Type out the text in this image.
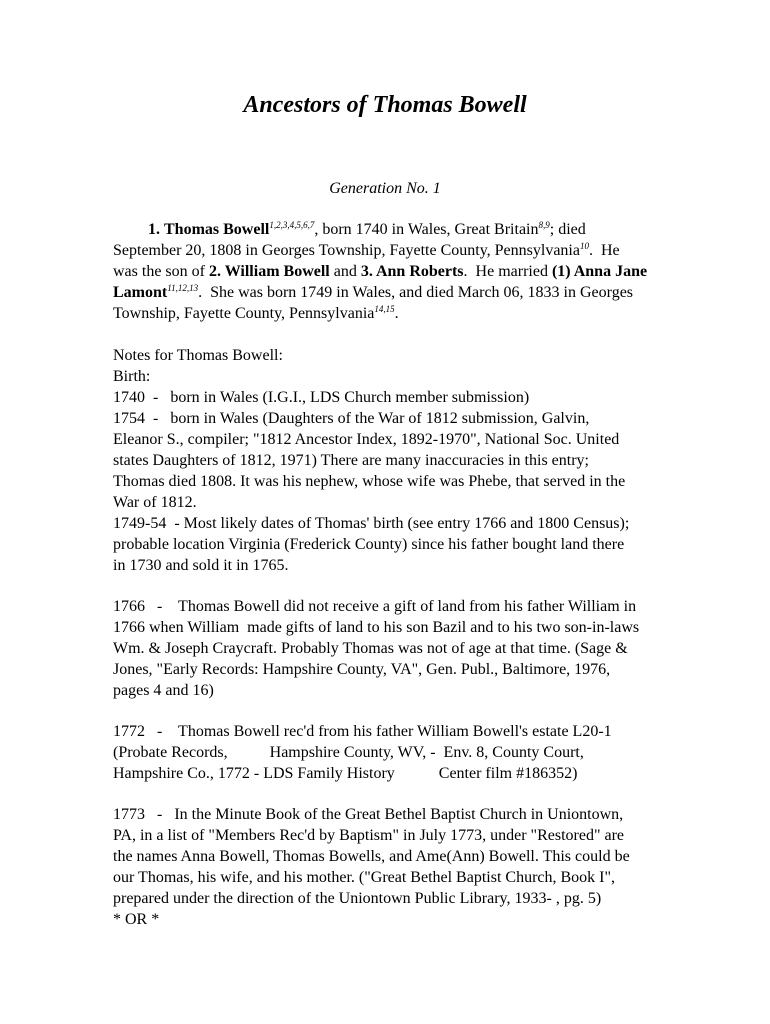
Ancestors of Thomas Bowell
Generation No. 1
1. Thomas Bowell$^{1,2,3,4,5,6,7}$, born 1740 in Wales, Great Britain$^{8,9}$; died
September 20, 1808 in Georges Township, Fayette County, Pennsylvania$^{10}$.  He
was the son of 2. William Bowell and 3. Ann Roberts.  He married (1) Anna Jane
Lamont$^{11,12,13}$.  She was born 1749 in Wales, and died March 06, 1833 in Georges
Township, Fayette County, Pennsylvania$^{14,15}$.
Notes for Thomas Bowell:
Birth:
1740  -   born in Wales (I.G.I., LDS Church member submission)
1754  -   born in Wales (Daughters of the War of 1812 submission, Galvin,
Eleanor S., compiler; "1812 Ancestor Index, 1892-1970", National Soc. United
states Daughters of 1812, 1971) There are many inaccuracies in this entry;
Thomas died 1808. It was his nephew, whose wife was Phebe, that served in the
War of 1812.
1749-54  - Most likely dates of Thomas' birth (see entry 1766 and 1800 Census);
probable location Virginia (Frederick County) since his father bought land there
in 1730 and sold it in 1765.
1766   -    Thomas Bowell did not receive a gift of land from his father William in
1766 when William  made gifts of land to his son Bazil and to his two son-in-laws
Wm. & Joseph Craycraft. Probably Thomas was not of age at that time. (Sage &
Jones, "Early Records: Hampshire County, VA", Gen. Publ., Baltimore, 1976,
pages 4 and 16)
1772   -    Thomas Bowell rec'd from his father William Bowell's estate L20-1
(Probate Records,	Hampshire County, WV, -  Env. 8, County Court,
Hampshire Co., 1772 - LDS Family History	Center film #186352)
1773   -   In the Minute Book of the Great Bethel Baptist Church in Uniontown,
PA, in a list of "Members Rec'd by Baptism" in July 1773, under "Restored" are
the names Anna Bowell, Thomas Bowells, and Ame(Ann) Bowell. This could be
our Thomas, his wife, and his mother. ("Great Bethel Baptist Church, Book I",
prepared under the direction of the Uniontown Public Library, 1933- , pg. 5)
* OR *
